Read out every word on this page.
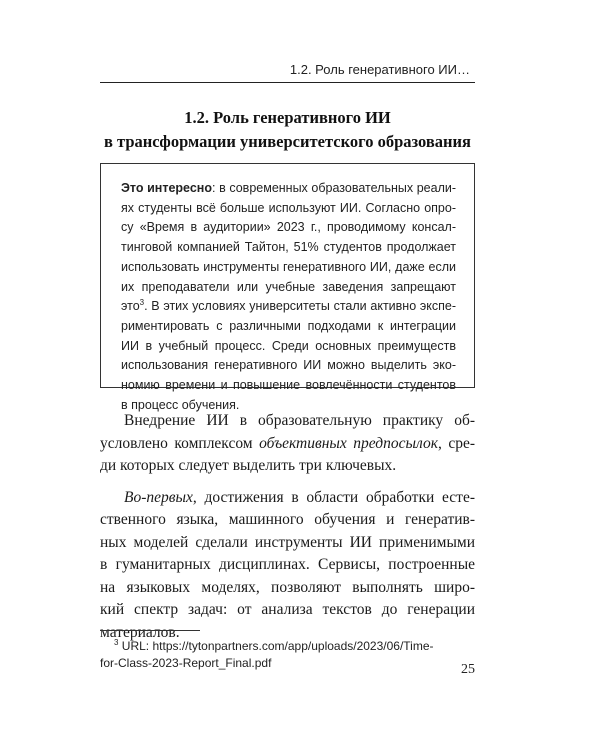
1.2. Роль генеративного ИИ…
1.2. Роль генеративного ИИ
в трансформации университетского образования
Это интересно: в современных образовательных реали-
ях студенты всё больше используют ИИ. Согласно опро-
су «Время в аудитории» 2023 г., проводимому консал-
тинговой компанией Тайтон, 51% студентов продолжает
использовать инструменты генеративного ИИ, даже если
их преподаватели или учебные заведения запрещают
это$^3$. В этих условиях университеты стали активно экспе-
риментировать с различными подходами к интеграции
ИИ в учебный процесс. Среди основных преимуществ
использования генеративного ИИ можно выделить эко-
номию времени и повышение вовлечённости студентов
в процесс обучения.
Внедрение ИИ в образовательную практику об-
условлено комплексом объективных предпосылок, сре-
ди которых следует выделить три ключевых.
Во-первых, достижения в области обработки есте-
ственного языка, машинного обучения и генератив-
ных моделей сделали инструменты ИИ применимыми
в гуманитарных дисциплинах. Сервисы, построенные
на языковых моделях, позволяют выполнять широ-
кий спектр задач: от анализа текстов до генерации
материалов.
$^3$ URL: https://tytonpartners.com/app/uploads/2023/06/Time-
for-Class-2023-Report_Final.pdf	25
